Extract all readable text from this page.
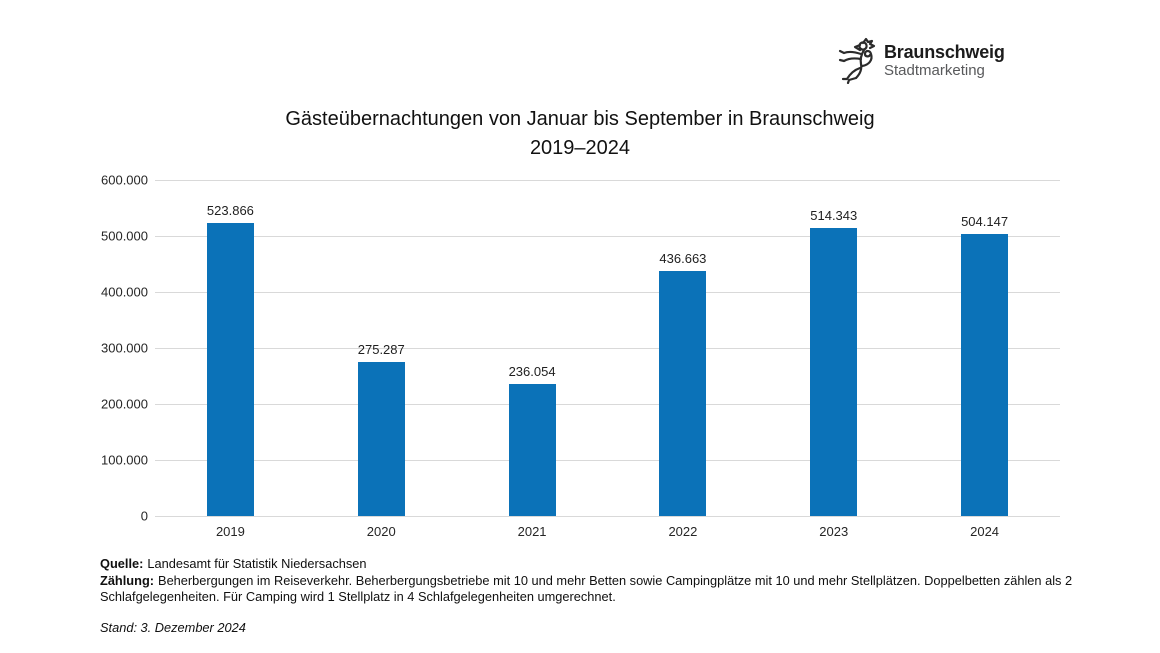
Braunschweig
Stadtmarketing
Gästeübernachtungen von Januar bis September in Braunschweig
2019–2024
0
100.000
200.000
300.000
400.000
500.000
600.000
523.866
275.287
236.054
436.663
514.343	504.147
2019	2020	2021	2022	2023	2024

Quelle: Landesamt für Statistik Niedersachsen

Zählung: Beherbergungen im Reiseverkehr. Beherbergungsbetriebe mit 10 und mehr Betten sowie Campingplätze mit 10 und mehr Stellplätzen. Doppelbetten zählen als 2 Schlafgelegenheiten. Für Camping wird 1 Stellplatz in 4 Schlafgelegenheiten umgerechnet.

Stand: 3. Dezember 2024
